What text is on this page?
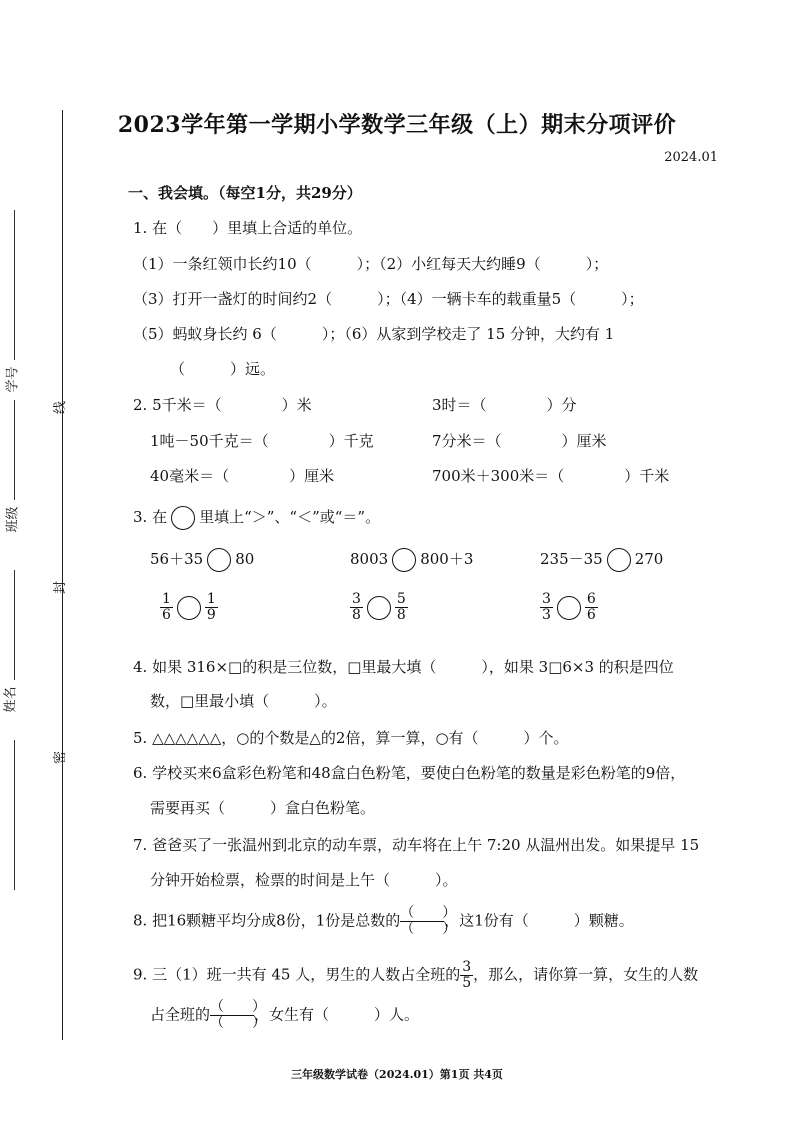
线
封
密
学号
班级
姓名
2023学年第一学期小学数学三年级（上）期末分项评价
2024.01
一、我会填。（每空1分，共29分）
1. 在（　　）里填上合适的单位。
（1）一条红领巾长约10（　　　）；（2）小红每天大约睡9（　　　）；
（3）打开一盏灯的时间约2（　　　）；（4）一辆卡车的载重量5（　　　）；
（5）蚂蚁身长约 6（　　　）；（6）从家到学校走了 15 分钟，大约有 1
（　　　）远。
2. 5千米＝（　　　　）米	3时＝（　　　　）分
1吨－50千克＝（　　　　）千克	7分米＝（　　　　）厘米
40毫米＝（　　　　）厘米	700米＋300米＝（　　　　）千米
3. 在 里填上“＞”、“＜”或“＝”。
56＋35 80	8003 800＋3	235－35 270
$\frac{1}{6} \frac{1}{9}$	$\frac{3}{8} \frac{5}{8}$	$\frac{3}{3} \frac{6}{6}$
4. 如果 316×□的积是三位数，□里最大填（　　　），如果 3□6×3 的积是四位
数，□里最小填（　　　）。
5. △△△△△△，○的个数是△的2倍，算一算，○有（　　　）个。
6. 学校买来6盒彩色粉笔和48盒白色粉笔，要使白色粉笔的数量是彩色粉笔的9倍，
需要再买（　　　）盒白色粉笔。
7. 爸爸买了一张温州到北京的动车票，动车将在上午 7:20 从温州出发。如果提早 15
分钟开始检票，检票的时间是上午（　　　）。
8. 把16颗糖平均分成8份，1份是总数的 （　　）
（　　）
，这1份有（　　　）颗糖。
9. 三（1）班一共有 45 人，男生的人数占全班的 $\frac{3}{5}$ ，那么，请你算一算，女生的人数
占全班的 （　　）
（　　）
，女生有（　　　）人。
三年级数学试卷（2024.01）第1页 共4页
